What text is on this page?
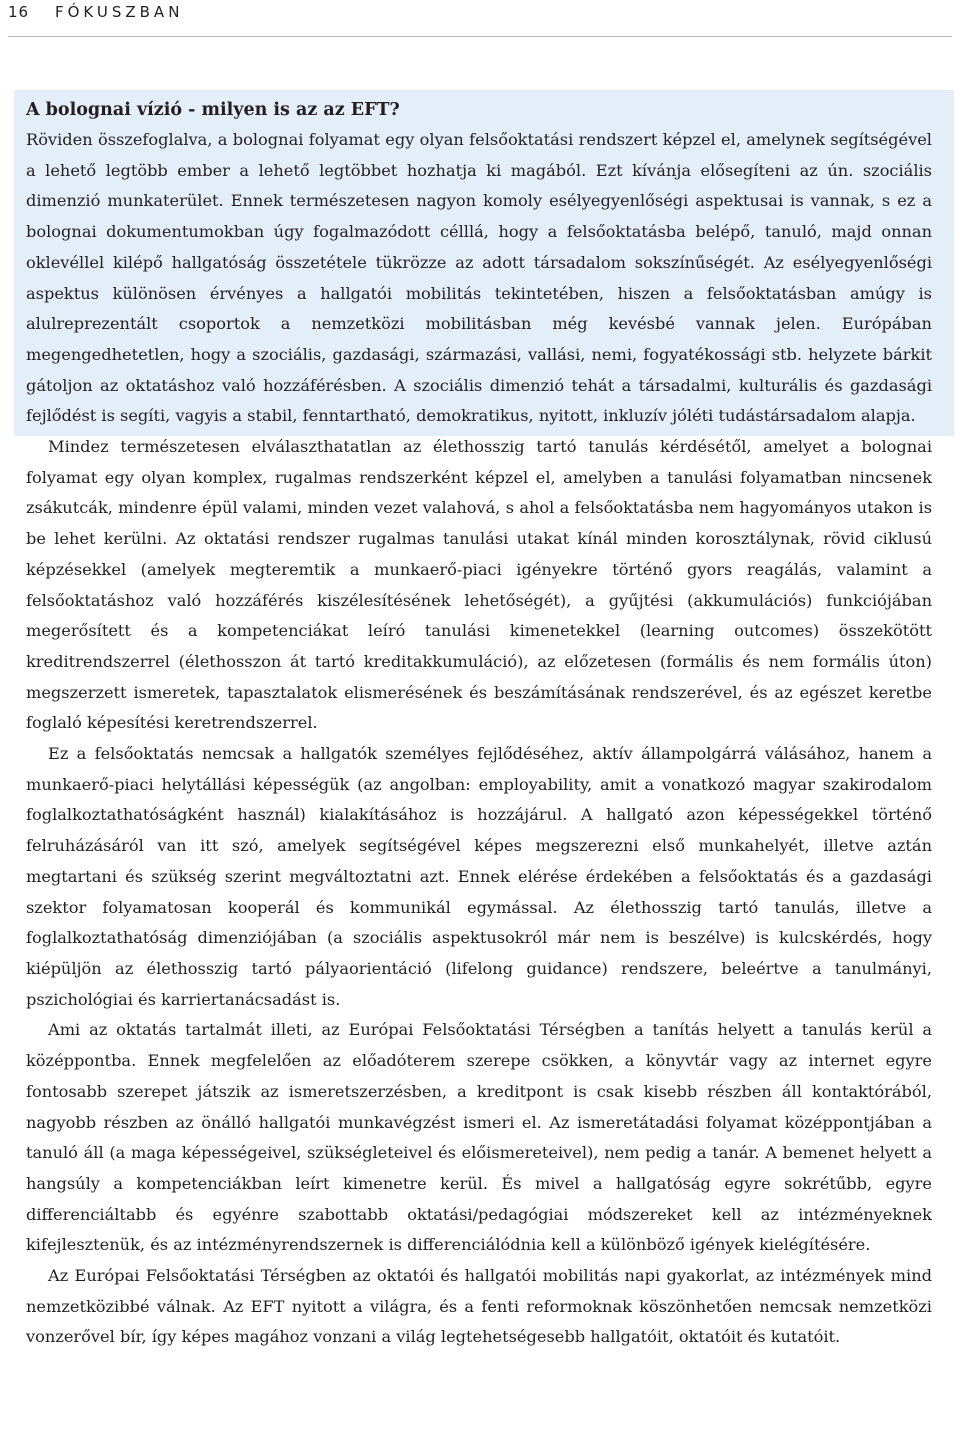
16 FÓKUSZBAN
A bolognai vízió - milyen is az az EFT?

Röviden összefoglalva, a bolognai folyamat egy olyan felsőoktatási rendszert képzel el, amelynek segítségével a lehető legtöbb ember a lehető legtöbbet hozhatja ki magából. Ezt kívánja elősegíteni az ún. szociális dimenzió munkaterület. Ennek természetesen nagyon komoly esélyegyenlőségi aspektusai is vannak, s ez a bolognai dokumentumokban úgy fogalmazódott célllá, hogy a felsőoktatásba belépő, tanuló, majd onnan oklevéllel kilépő hallgatóság összetétele tükrözze az adott társadalom sokszínűségét. Az esélyegyenlőségi aspektus különösen érvényes a hallgatói mobilitás tekintetében, hiszen a felsőoktatásban amúgy is alulreprezentált csoportok a nemzetközi mobilitásban még kevésbé vannak jelen. Európában megengedhetetlen, hogy a szociális, gazdasági, származási, vallási, nemi, fogyatékossági stb. helyzete bárkit gátoljon az oktatáshoz való hozzáférésben. A szociális dimenzió tehát a társadalmi, kulturális és gazdasági fejlődést is segíti, vagyis a stabil, fenntartható, demokratikus, nyitott, inkluzív jóléti tudástársadalom alapja.

Mindez természetesen elválaszthatatlan az élethosszig tartó tanulás kérdésétől, amelyet a bolognai folyamat egy olyan komplex, rugalmas rendszerként képzel el, amelyben a tanulási folyamatban nincsenek zsákutcák, mindenre épül valami, minden vezet valahová, s ahol a felsőoktatásba nem hagyományos utakon is be lehet kerülni. Az oktatási rendszer rugalmas tanulási utakat kínál minden korosztálynak, rövid ciklusú képzésekkel (amelyek megteremtik a munkaerő-piaci igényekre történő gyors reagálás, valamint a felsőoktatáshoz való hozzáférés kiszélesítésének lehetőségét), a gyűjtési (akkumulációs) funkciójában megerősített és a kompetenciákat leíró tanulási kimenetekkel (learning outcomes) összekötött kreditrendszerrel (élethosszon át tartó kreditakkumuláció), az előzetesen (formális és nem formális úton) megszerzett ismeretek, tapasztalatok elismerésének és beszámításának rendszerével, és az egészet keretbe foglaló képesítési keretrendszerrel.

Ez a felsőoktatás nemcsak a hallgatók személyes fejlődéséhez, aktív állampolgárrá válásához, hanem a munkaerő-piaci helytállási képességük (az angolban: employability, amit a vonatkozó magyar szakirodalom foglalkoztathatóságként használ) kialakításához is hozzájárul. A hallgató azon képességekkel történő felruházásáról van itt szó, amelyek segítségével képes megszerezni első munkahelyét, illetve aztán megtartani és szükség szerint megváltoztatni azt. Ennek elérése érdekében a felsőoktatás és a gazdasági szektor folyamatosan kooperál és kommunikál egymással. Az élethosszig tartó tanulás, illetve a foglalkoztathatóság dimenziójában (a szociális aspektusokról már nem is beszélve) is kulcskérdés, hogy kiépüljön az élethosszig tartó pályaorientáció (lifelong guidance) rendszere, beleértve a tanulmányi, pszichológiai és karriertanácsadást is.

Ami az oktatás tartalmát illeti, az Európai Felsőoktatási Térségben a tanítás helyett a tanulás kerül a középpontba. Ennek megfelelően az előadóterem szerepe csökken, a könyvtár vagy az internet egyre fontosabb szerepet játszik az ismeretszerzésben, a kreditpont is csak kisebb részben áll kontaktórából, nagyobb részben az önálló hallgatói munkavégzést ismeri el. Az ismeretátadási folyamat középpontjában a tanuló áll (a maga képességeivel, szükségleteivel és előismereteivel), nem pedig a tanár. A bemenet helyett a hangsúly a kompetenciákban leírt kimenetre kerül. És mivel a hallgatóság egyre sokrétűbb, egyre differenciáltabb és egyénre szabottabb oktatási/pedagógiai módszereket kell az intézményeknek kifejlesztenük, és az intézményrendszernek is differenciálódnia kell a különböző igények kielégítésére.

Az Európai Felsőoktatási Térségben az oktatói és hallgatói mobilitás napi gyakorlat, az intézmények mind nemzetközibbé válnak. Az EFT nyitott a világra, és a fenti reformoknak köszönhetően nemcsak nemzetközi vonzerővel bír, így képes magához vonzani a világ legtehetségesebb hallgatóit, oktatóit és kutatóit.
